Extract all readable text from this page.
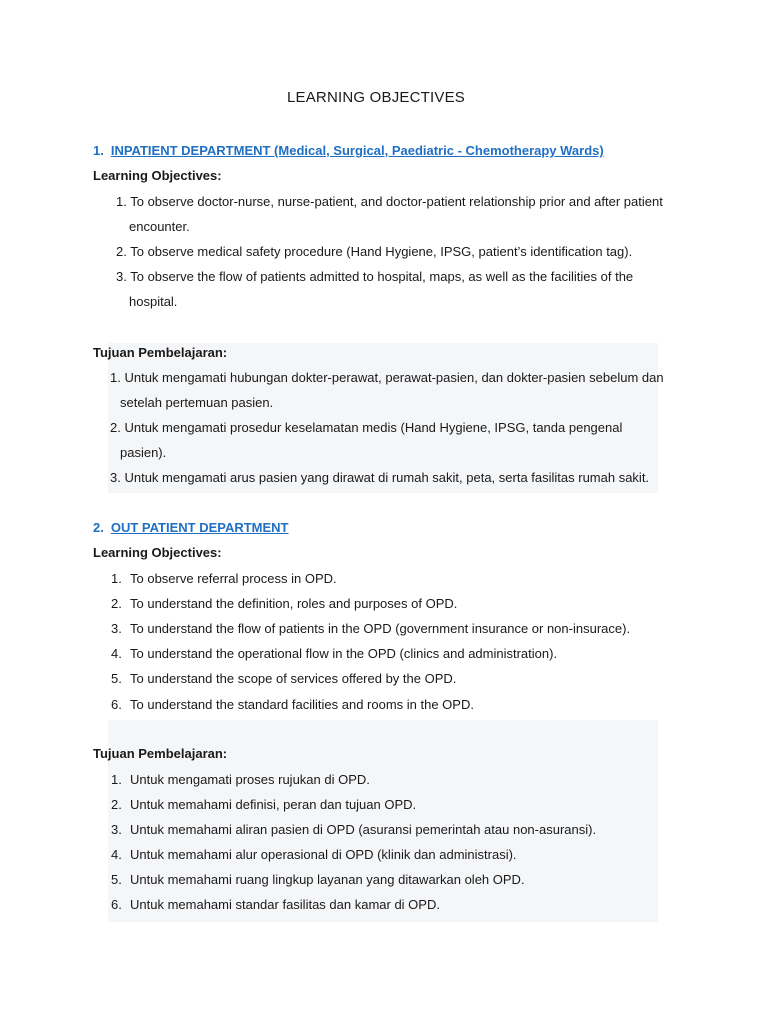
LEARNING OBJECTIVES
1. INPATIENT DEPARTMENT (Medical, Surgical, Paediatric - Chemotherapy Wards)
Learning Objectives:
1. To observe doctor-nurse, nurse-patient, and doctor-patient relationship prior and after patient
encounter.
2. To observe medical safety procedure (Hand Hygiene, IPSG, patient’s identification tag).
3. To observe the flow of patients admitted to hospital, maps, as well as the facilities of the
hospital.
Tujuan Pembelajaran:
1. Untuk mengamati hubungan dokter-perawat, perawat-pasien, dan dokter-pasien sebelum dan
setelah pertemuan pasien.
2. Untuk mengamati prosedur keselamatan medis (Hand Hygiene, IPSG, tanda pengenal
pasien).
3. Untuk mengamati arus pasien yang dirawat di rumah sakit, peta, serta fasilitas rumah sakit.
2. OUT PATIENT DEPARTMENT
Learning Objectives:
1. To observe referral process in OPD.
2. To understand the definition, roles and purposes of OPD.
3. To understand the flow of patients in the OPD (government insurance or non-insurace).
4. To understand the operational flow in the OPD (clinics and administration).
5. To understand the scope of services offered by the OPD.
6. To understand the standard facilities and rooms in the OPD.
Tujuan Pembelajaran:
1. Untuk mengamati proses rujukan di OPD.
2. Untuk memahami definisi, peran dan tujuan OPD.
3. Untuk memahami aliran pasien di OPD (asuransi pemerintah atau non-asuransi).
4. Untuk memahami alur operasional di OPD (klinik dan administrasi).
5. Untuk memahami ruang lingkup layanan yang ditawarkan oleh OPD.
6. Untuk memahami standar fasilitas dan kamar di OPD.
